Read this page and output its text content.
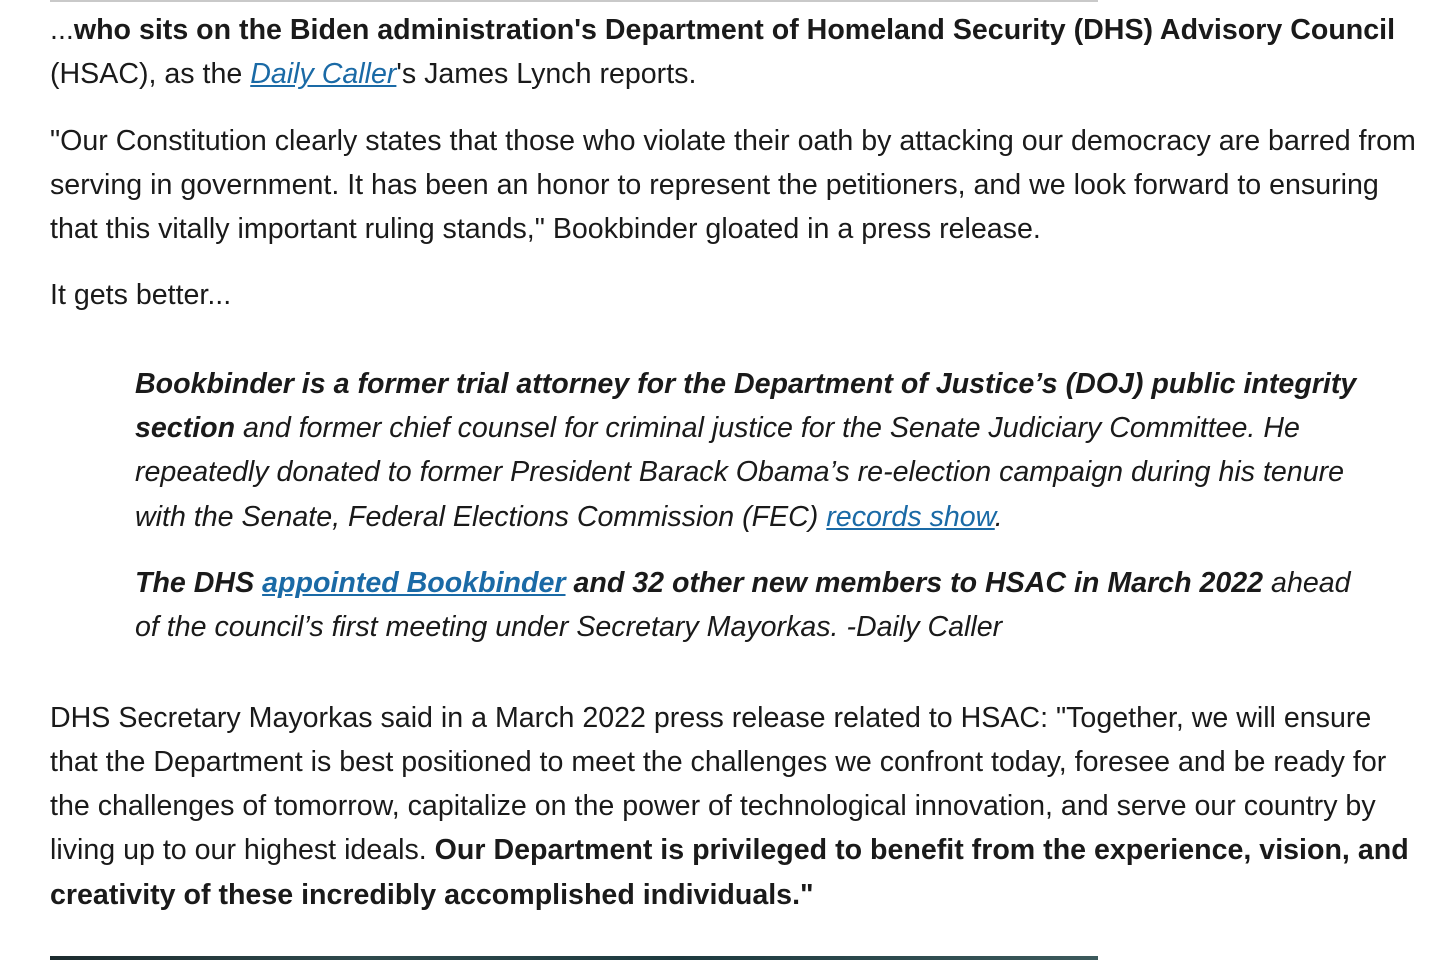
...who sits on the Biden administration's Department of Homeland Security (DHS) Advisory Council  (HSAC), as the Daily Caller's James Lynch reports.

"Our Constitution clearly states that those who violate their oath by attacking our democracy are barred from serving in government. It has been an honor to represent the petitioners, and we look forward to ensuring that this vitally important ruling stands," Bookbinder gloated in a press release.

It gets better...

Bookbinder is a former trial attorney for the Department of Justice’s (DOJ) public integrity section and former chief counsel for criminal justice for the Senate Judiciary Committee. He repeatedly donated to former President Barack Obama’s re-election campaign during his tenure with the Senate, Federal Elections Commission (FEC) records show.

The DHS appointed Bookbinder and 32 other new members to HSAC in March 2022 ahead of the council’s first meeting under Secretary Mayorkas. -Daily Caller

DHS Secretary Mayorkas said in a March 2022 press release related to HSAC: "Together, we will ensure that the Department is best positioned to meet the challenges we confront today, foresee and be ready for the challenges of tomorrow, capitalize on the power of technological innovation, and serve our country by living up to our highest ideals. Our Department is privileged to benefit from the experience, vision, and creativity of these incredibly accomplished individuals."
